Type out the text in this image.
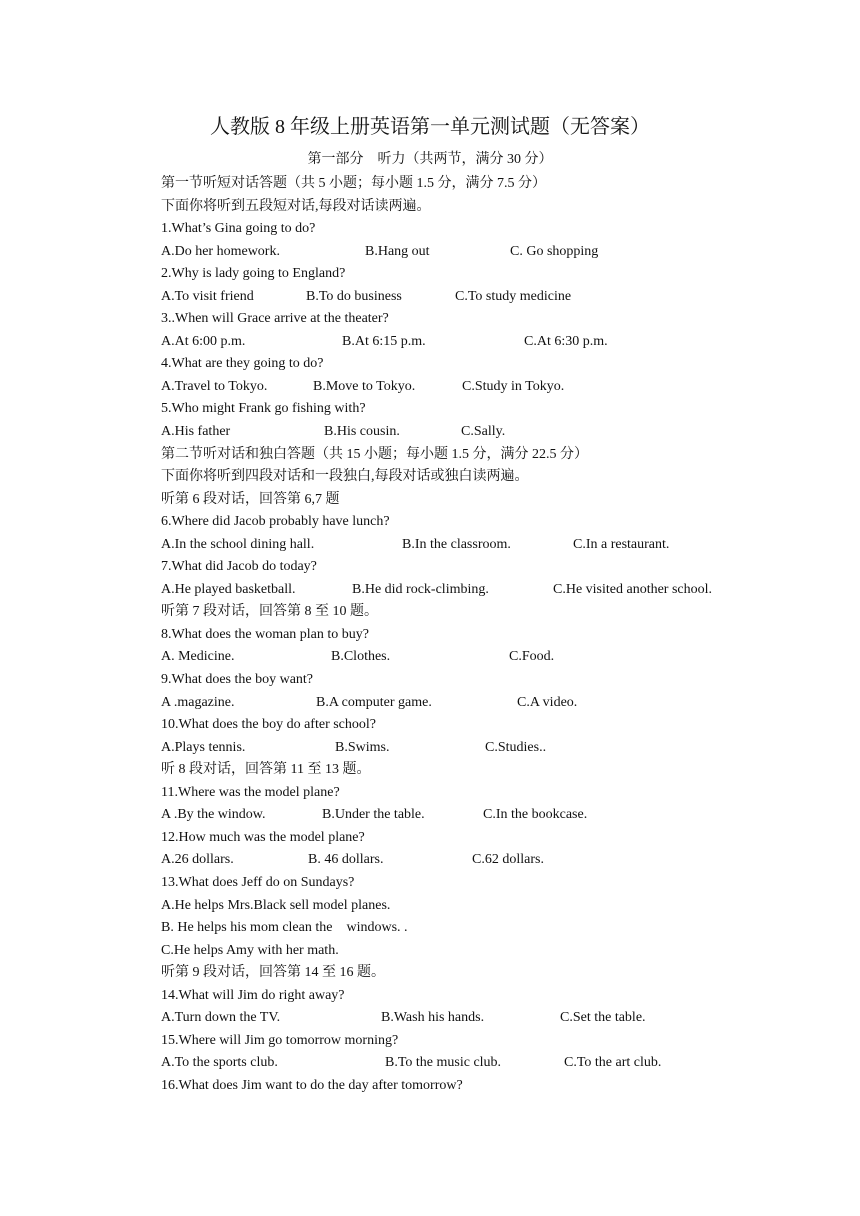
人教版 8 年级上册英语第一单元测试题（无答案）
第一部分　听力（共两节，满分 30 分）
第一节听短对话答题（共 5 小题；每小题 1.5 分，满分 7.5 分）
下面你将听到五段短对话,每段对话读两遍。
1.What’s Gina going to do?
A.Do her homework.	B.Hang out	C. Go shopping
2.Why is lady going to England?
A.To visit friend	B.To do business	C.To study medicine
3..When will Grace arrive at the theater?
A.At 6:00 p.m.	B.At 6:15 p.m.	C.At 6:30 p.m.
4.What are they going to do?
A.Travel to Tokyo.	B.Move to Tokyo.	C.Study in Tokyo.
5.Who might Frank go fishing with?
A.His father	B.His cousin.	C.Sally.
第二节听对话和独白答题（共 15 小题；每小题 1.5 分，满分 22.5 分）
下面你将听到四段对话和一段独白,每段对话或独白读两遍。
听第 6 段对话，回答第 6,7 题
6.Where did Jacob probably have lunch?
A.In the school dining hall.	B.In the classroom.	C.In a restaurant.
7.What did Jacob do today?
A.He played basketball.	B.He did rock-climbing.	C.He visited another school.
听第 7 段对话，回答第 8 至 10 题。
8.What does the woman plan to buy?
A. Medicine.	B.Clothes.	C.Food.
9.What does the boy want?
A .magazine.	B.A computer game.	C.A video.
10.What does the boy do after school?
A.Plays tennis.	B.Swims.	C.Studies..
听 8 段对话，回答第 11 至 13 题。
11.Where was the model plane?
A .By the window.	B.Under the table.	C.In the bookcase.
12.How much was the model plane?
A.26 dollars.	B. 46 dollars.	C.62 dollars.
13.What does Jeff do on Sundays?
A.He helps Mrs.Black sell model planes.
B. He helps his mom clean the　windows. .
C.He helps Amy with her math.
听第 9 段对话，回答第 14 至 16 题。
14.What will Jim do right away?
A.Turn down the TV.	B.Wash his hands.	C.Set the table.
15.Where will Jim go tomorrow morning?
A.To the sports club.	B.To the music club.	C.To the art club.
16.What does Jim want to do the day after tomorrow?
